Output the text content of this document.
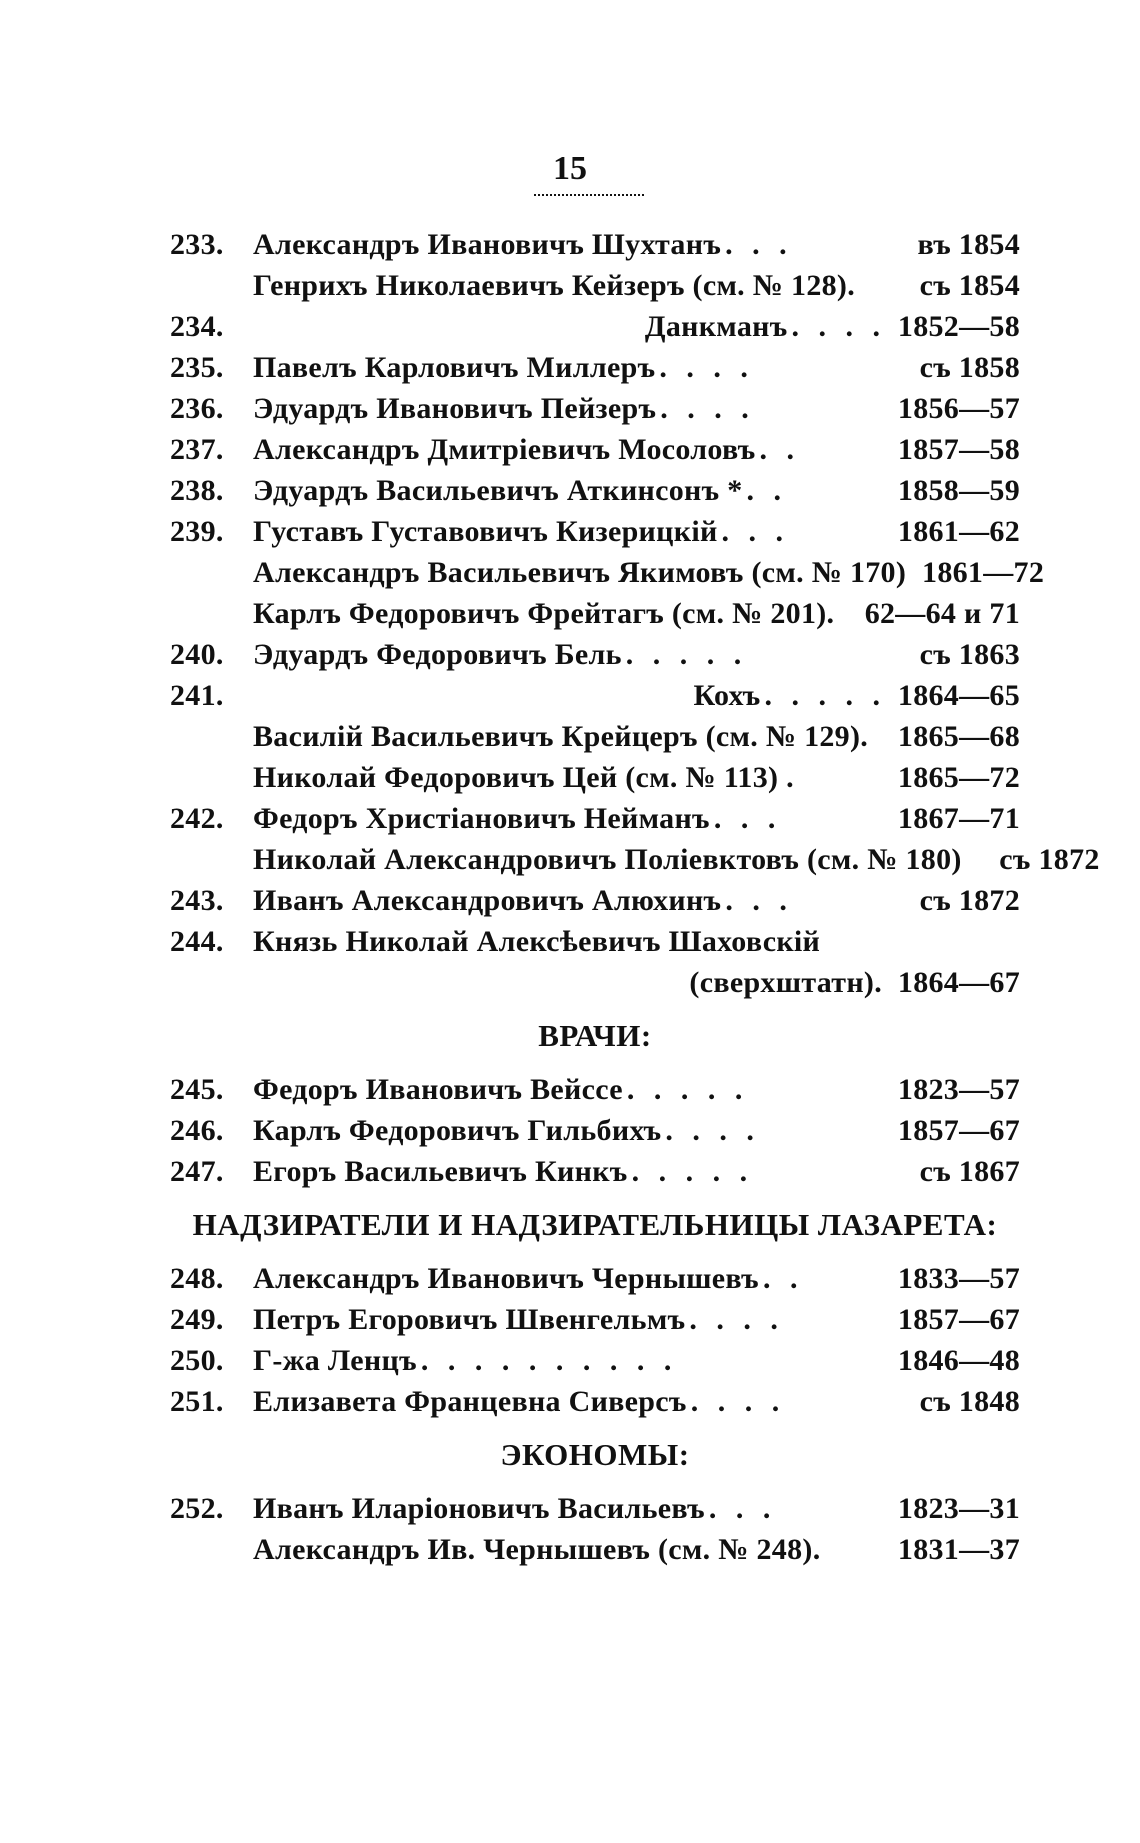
15
233. Александръ Ивановичъ Шухтанъ . . .	въ 1854
Генрихъ Николаевичъ Кейзеръ (см. № 128).	съ 1854
234.	Данкманъ . . . . 1852—58
235. Павелъ Карловичъ Миллеръ . . . .	съ 1858
236. Эдуардъ Ивановичъ Пейзеръ . . . .	1856—57
237. Александръ Дмитріевичъ Мосоловъ . .	1857—58
238. Эдуардъ Васильевичъ Аткинсонъ * . .	1858—59
239. Густавъ Густавовичъ Кизерицкій . . .	1861—62
Александръ Васильевичъ Якимовъ (см. № 170) 1861—72
Карлъ Федоровичъ Фрейтагъ (см. № 201). 62—64 и 71
240. Эдуардъ Федоровичъ Бель . . . . .	съ 1863
241.	Кохъ . . . . . 1864—65
Василій Васильевичъ Крейцеръ (см. № 129). 1865—68
Николай Федоровичъ Цей (см. № 113) .	1865—72
242. Федоръ Христіановичъ Нейманъ . . .	1867—71
Николай Александровичъ Поліевктовъ (см. № 180)	съ 1872
243. Иванъ Александровичъ Алюхинъ . . .	съ 1872
244. Князь Николай Алексѣевичъ Шаховскій
(сверхштатн). 1864—67
ВРАЧИ:
245. Федоръ Ивановичъ Вейссе . . . . .	1823—57
246. Карлъ Федоровичъ Гильбихъ . . . .	1857—67
247. Егоръ Васильевичъ Кинкъ . . . . .	съ 1867
НАДЗИРАТЕЛИ И НАДЗИРАТЕЛЬНИЦЫ ЛАЗАРЕТА:
248. Александръ Ивановичъ Чернышевъ . .	1833—57
249. Петръ Егоровичъ Швенгельмъ . . . .	1857—67
250. Г-жа Ленцъ . . . . . . . . . .	1846—48
251. Елизавета Францевна Сиверсъ . . . .	съ 1848
ЭКОНОМЫ:
252. Иванъ Иларіоновичъ Васильевъ . . .	1823—31
Александръ Ив. Чернышевъ (см. № 248).	1831—37
